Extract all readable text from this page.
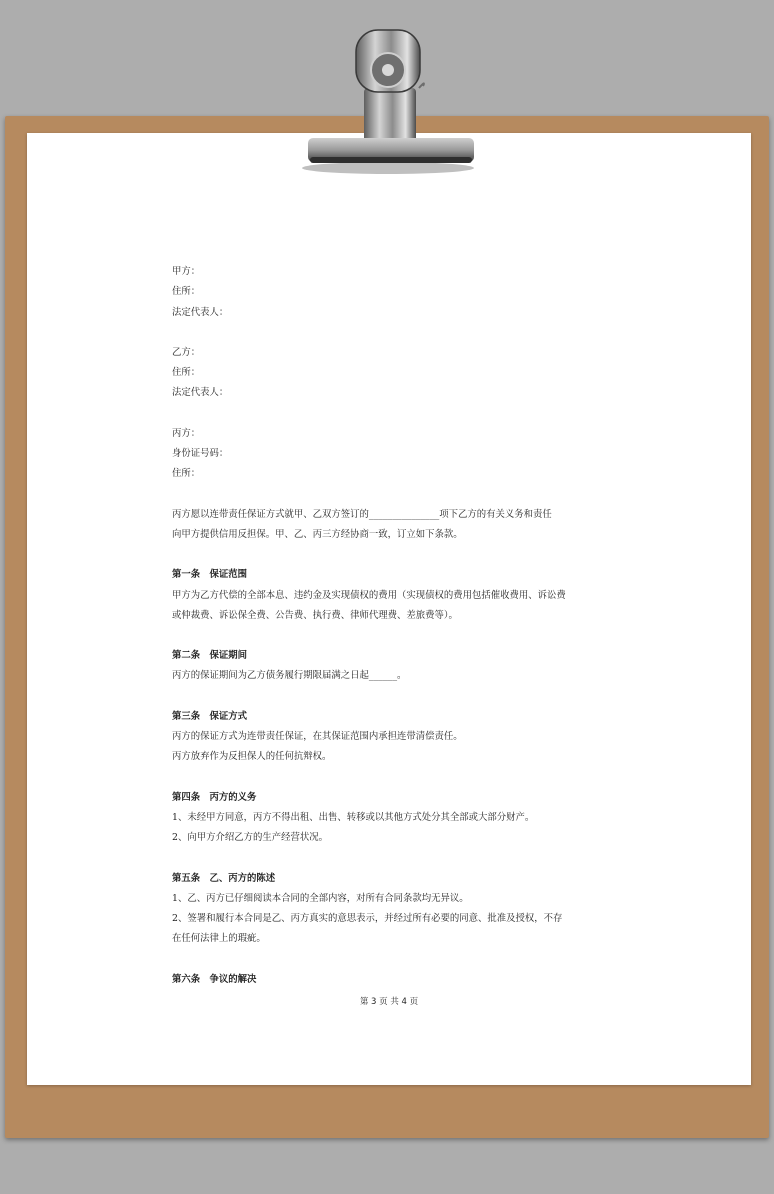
甲方：
住所：
法定代表人：
乙方：
住所：
法定代表人：
丙方：
身份证号码：
住所：
丙方愿以连带责任保证方式就甲、乙双方签订的_______________项下乙方的有关义务和责任
向甲方提供信用反担保。甲、乙、丙三方经协商一致，订立如下条款。
第一条　保证范围
甲方为乙方代偿的全部本息、违约金及实现债权的费用（实现债权的费用包括催收费用、诉讼费
或仲裁费、诉讼保全费、公告费、执行费、律师代理费、差旅费等）。
第二条　保证期间
丙方的保证期间为乙方债务履行期限届满之日起______。
第三条　保证方式
丙方的保证方式为连带责任保证，在其保证范围内承担连带清偿责任。
丙方放弃作为反担保人的任何抗辩权。
第四条　丙方的义务
1、未经甲方同意，丙方不得出租、出售、转移或以其他方式处分其全部或大部分财产。
2、向甲方介绍乙方的生产经营状况。
第五条　乙、丙方的陈述
1、乙、丙方已仔细阅读本合同的全部内容，对所有合同条款均无异议。
2、签署和履行本合同是乙、丙方真实的意思表示，并经过所有必要的同意、批准及授权，不存
在任何法律上的瑕疵。
第六条　争议的解决
第 3 页 共 4 页
